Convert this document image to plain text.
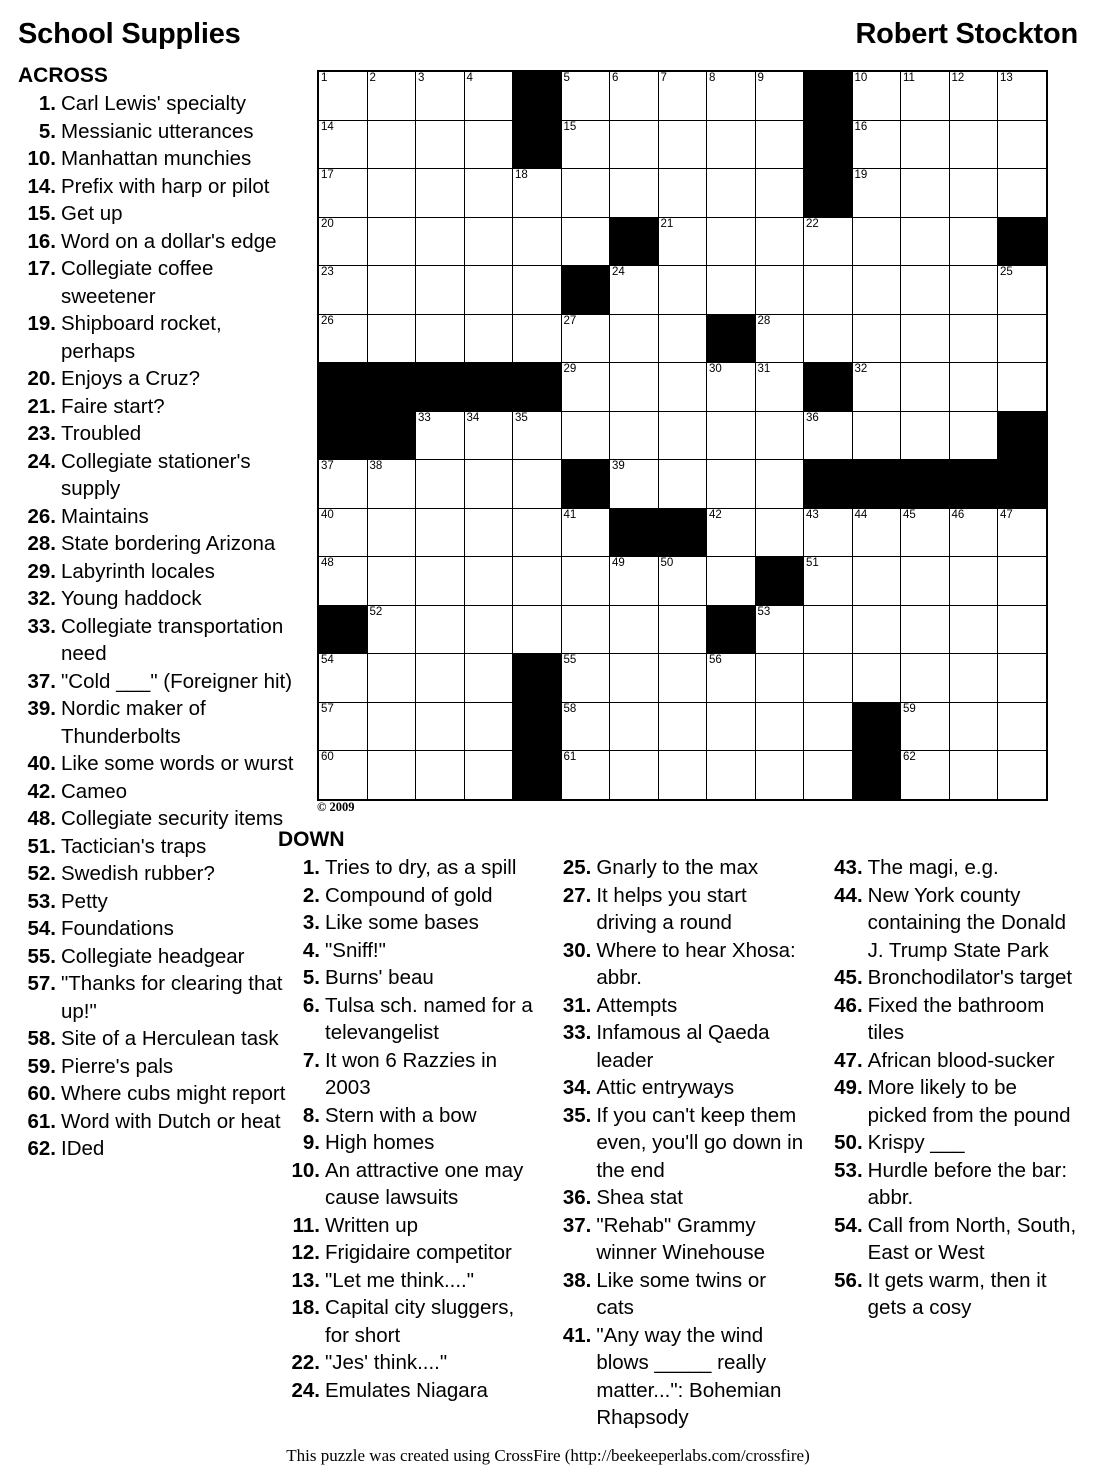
School Supplies	Robert Stockton
ACROSS
1. Carl Lewis' specialty
5. Messianic utterances
10. Manhattan munchies
14. Prefix with harp or pilot
15. Get up
16. Word on a dollar's edge
17. Collegiate coffee sweetener
19. Shipboard rocket, perhaps
20. Enjoys a Cruz?
21. Faire start?
23. Troubled
24. Collegiate stationer's supply
26. Maintains
28. State bordering Arizona
29. Labyrinth locales
32. Young haddock
33. Collegiate transportation need
37. "Cold ___" (Foreigner hit)
39. Nordic maker of Thunderbolts
40. Like some words or wurst
42. Cameo
48. Collegiate security items
51. Tactician's traps
52. Swedish rubber?
53. Petty
54. Foundations
55. Collegiate headgear
57. "Thanks for clearing that up!"
58. Site of a Herculean task
59. Pierre's pals
60. Where cubs might report
61. Word with Dutch or heat
62. IDed
1	2	3	4		5	6	7	8	9		10	11	12	13

14					15						16			

17				18							19			

20							21			22				

23						24								25

26					27				28					

					29			30	31		32			

		33	34	35						36				

37	38					39								

40					41			42		43	44	45	46	47

48						49	50			51				

	52								53					

54					55			56						

57					58							59		

60					61							62		

© 2009
DOWN
1. Tries to dry, as a spill
2. Compound of gold
3. Like some bases
4. "Sniff!"
5. Burns' beau
6. Tulsa sch. named for a televangelist
7. It won 6 Razzies in 2003
8. Stern with a bow
9. High homes
10. An attractive one may cause lawsuits
11. Written up
12. Frigidaire competitor
13. "Let me think...."
18. Capital city sluggers, for short
22. "Jes' think...."
24. Emulates Niagara

25. Gnarly to the max
27. It helps you start driving a round
30. Where to hear Xhosa: abbr.
31. Attempts
33. Infamous al Qaeda leader
34. Attic entryways
35. If you can't keep them even, you'll go down in the end
36. Shea stat
37. "Rehab" Grammy winner Winehouse
38. Like some twins or cats
41. "Any way the wind blows _____ really matter...": Bohemian Rhapsody

43. The magi, e.g.
44. New York county containing the Donald J. Trump State Park
45. Bronchodilator's target
46. Fixed the bathroom tiles
47. African blood-sucker
49. More likely to be picked from the pound
50. Krispy ___
53. Hurdle before the bar: abbr.
54. Call from North, South, East or West
56. It gets warm, then it gets a cosy
This puzzle was created using CrossFire (http://beekeeperlabs.com/crossfire)
